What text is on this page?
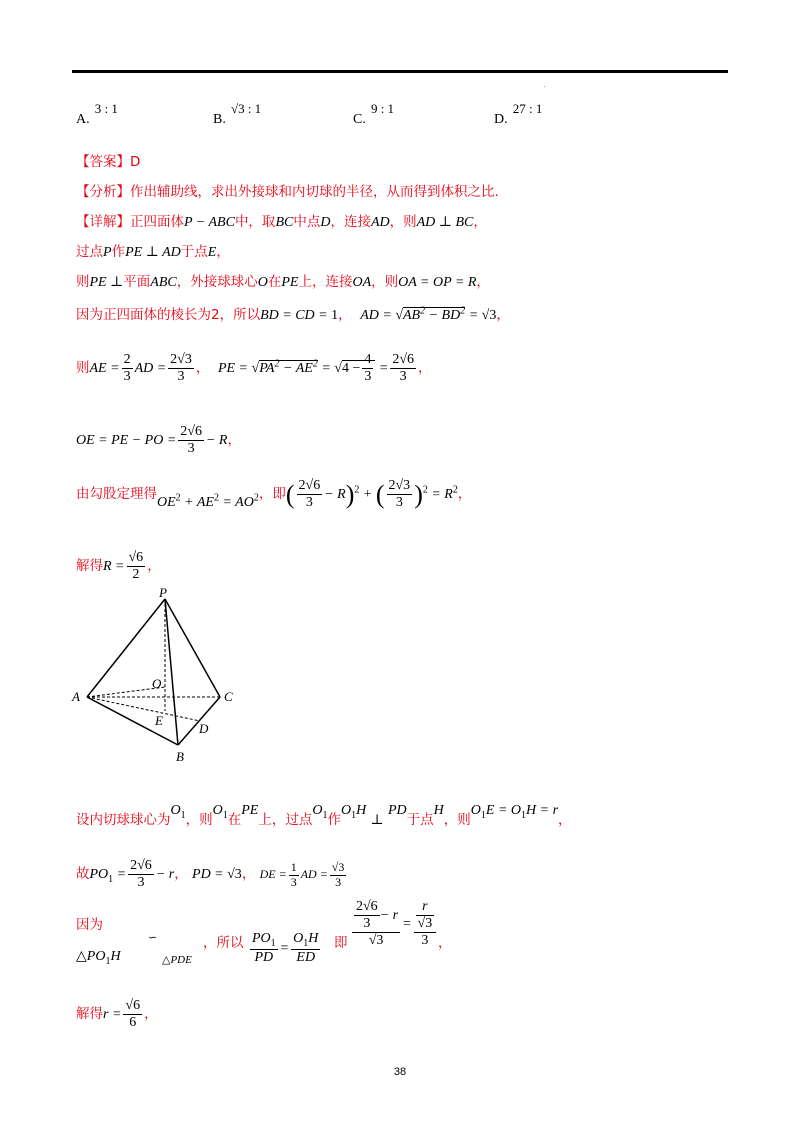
.
A. $^{3 : 1}$
B. $^{√3 : 1}$
C. $^{9 : 1}$
D. $^{27 : 1}$
【答案】D
【分析】作出辅助线，求出外接球和内切球的半径，从而得到体积之比.
【详解】正四面体P − ABC中，取BC中点D，连接AD，则AD ⊥ BC，
过点P作PE ⊥ AD于点E，
则PE ⊥平面ABC，外接球球心O在PE上，连接OA，则OA = OP = R，
因为正四面体的棱长为2，所以BD = CD = 1， AD = $√AB^2 - BD^2 = √3$，
则AE = $\frac{2}{3}$ AD = $\frac{2√3}{3}$ ， PE = $√PA^2 - AE^2 = √4 - \frac{4}{3} = \frac{2√6}{3}$ ，
OE = PE − PO = $\frac{2√6}{3} - R$，
由勾股定理得$OE^2 + AE^2 = AO^2$，即( $\frac{2√6}{3} - R)^2$ + ( $\frac{2√3}{3} )^2 = R^2$，
解得$R = \frac{√6}{2}$ ，
P
A	C
B
D
E
O
设内切球球心为$O_1$，则$O_1$在PE上，过点$O_1$作$O_1H$ ⊥ PD于点H，则$O_1E = O_1H = r$，
故$PO_1 = \frac{2√6}{3} - r$， PD = √3， DE = $\frac{1}{3}$ AD = $\frac{√3}{3}$
因为
$\triangle PO_1H$
∽
△PDE
，所以 $\frac{PO_1}{PD} = \frac{O_1H}{ED}$ 即 $\frac{\frac{2√6}{3} - r}{√3} = \frac{\frac{r}{√3}}{3}$ ，
解得$r = \frac{√6}{6}$ ，
38
